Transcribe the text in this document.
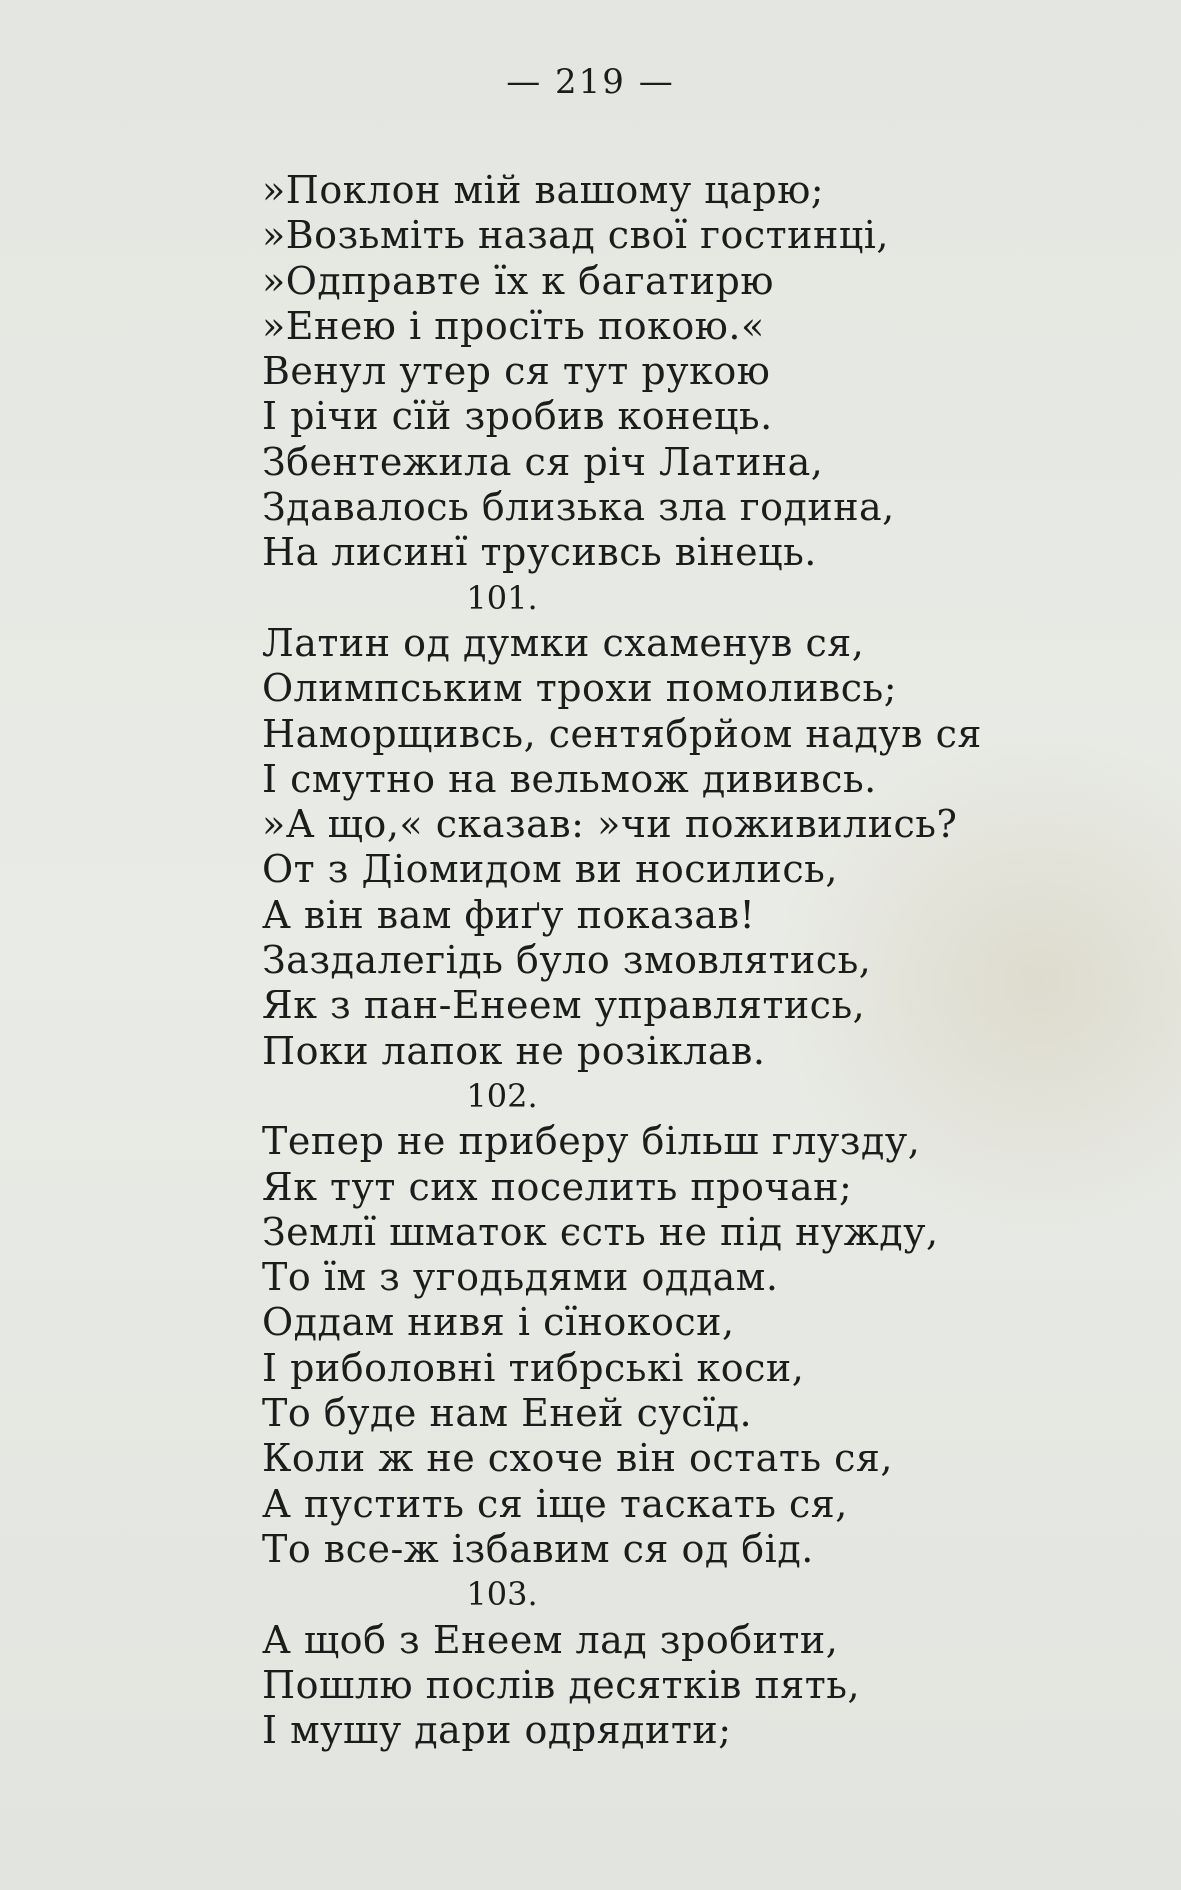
— 219 —
»Поклон мій вашому царю;
»Возьміть назад свої гостинці,
»Одправте їх к багатирю
»Енею і просїть покою.«
Венул утер ся тут рукою
І річи сїй зробив конець.
Збентежила ся річ Латина,
Здавалось близька зла година,
На лисинї трусивсь вінець.
101.
Латин од думки схаменув ся,
Олимпським трохи помоливсь;
Наморщивсь, сентябрйом надув ся
І смутно на вельмож дививсь.
»А що,« сказав: »чи поживились?
От з Діомидом ви носились,
А він вам фиґу показав!
Заздалегідь було змовлятись,
Як з пан-Енеем управлятись,
Поки лапок не розіклав.
102.
Тепер не приберу більш глузду,
Як тут сих поселить прочан;
Землї шматок єсть не під нужду,
То їм з угодьдями оддам.
Оддам нивя і сїнокоси,
І риболовні тибрські коси,
То буде нам Еней сусїд.
Коли ж не схоче він остать ся,
А пустить ся іще таскать ся,
То все-ж ізбавим ся од бід.
103.
А щоб з Енеем лад зробити,
Пошлю послів десятків пять,
І мушу дари одрядити;
